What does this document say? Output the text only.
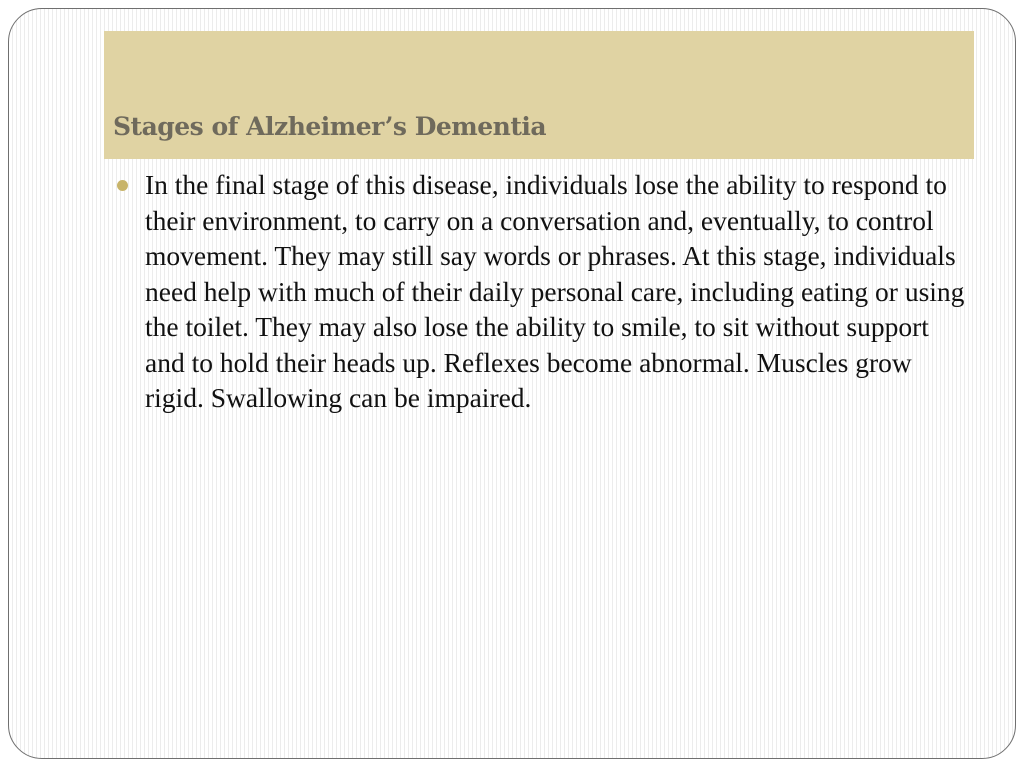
Stages of Alzheimer’s Dementia
In the final stage of this disease, individuals lose the ability to respond to their environment, to carry on a conversation and, eventually, to control movement. They may still say words or phrases. At this stage, individuals need help with much of their daily personal care, including eating or using the toilet. They may also lose the ability to smile, to sit without support and to hold their heads up. Reflexes become abnormal. Muscles grow rigid. Swallowing can be impaired.
